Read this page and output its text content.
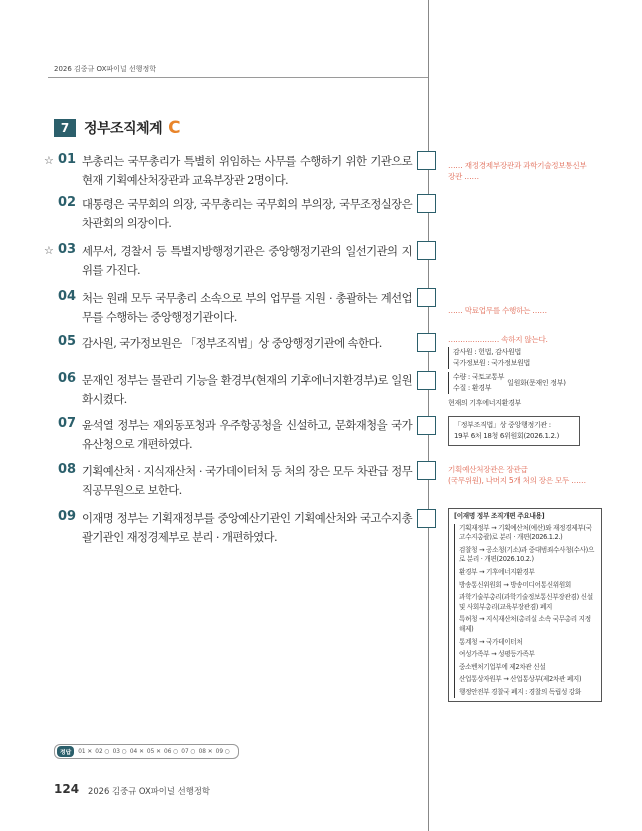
2026 김중규 OX파이널 선행정학
7	정부조직체계 C
☆ 01 부총리는 국무총리가 특별히 위임하는 사무를 수행하기 위한 기관으로 현재 기획예산처장관과 교육부장관 2명이다.
02 대통령은 국무회의 의장, 국무총리는 국무회의 부의장, 국무조정실장은 차관회의 의장이다.
☆ 03 세무서, 경찰서 등 특별지방행정기관은 중앙행정기관의 일선기관의 지위를 가진다.
04 처는 원래 모두 국무총리 소속으로 부의 업무를 지원 · 총괄하는 계선업무를 수행하는 중앙행정기관이다.
05 감사원, 국가정보원은 「정부조직법」상 중앙행정기관에 속한다.
06 문재인 정부는 물관리 기능을 환경부(현재의 기후에너지환경부)로 일원화시켰다.
07 윤석열 정부는 재외동포청과 우주항공청을 신설하고, 문화재청을 국가유산청으로 개편하였다.
08 기획예산처 · 지식재산처 · 국가데이터처 등 처의 장은 모두 차관급 정무직공무원으로 보한다.
09 이재명 정부는 기획재정부를 중앙예산기관인 기획예산처와 국고수지총괄기관인 재정경제부로 분리 · 개편하였다.
…… 재정경제부장관과 과학기술정보통신부장관 ……
…… 막료업무를 수행하는 ……
………………… 속하지 않는다.
감사원 : 헌법, 감사원법
국가정보원 : 국가정보원법
수량 : 국토교통부
수질 : 환경부
일원화(문재인 정부)
현재의 기후에너지환경부
「정부조직법」상 중앙행정기관 :
19부 6처 18청 6위원회(2026.1.2.)
기획예산처장관은 장관급
(국무위원), 나머지 5개 처의 장은 모두 ……
[이재명 정부 조직개편 주요내용]
기획재정부 → 기획예산처(예산)와 재정경제부(국고수지총괄)로 분리 · 개편(2026.1.2.)
검찰청 → 공소청(기소)과 중대범죄수사청(수사)으로 분리 · 개편(2026.10.2.)
환경부 → 기후에너지환경부
방송통신위원회 → 방송미디어통신위원회
과학기술부총리(과학기술정보통신부장관겸) 신설 및 사회부총리(교육부장관겸) 폐지
특허청 → 지식재산처(총리실 소속 국무총리 지정 해제)
통계청 → 국가데이터처
여성가족부 → 성평등가족부
중소벤처기업부에 제2차관 신설
산업통상자원부 → 산업통상부(제2차관 폐지)
행정안전부 경찰국 폐지 : 경찰의 독립성 강화
정답	01 ✕ 02 ○ 03 ○ 04 ✕ 05 ✕ 06 ○ 07 ○ 08 ✕ 09 ○
124 2026 김중규 OX파이널 선행정학
